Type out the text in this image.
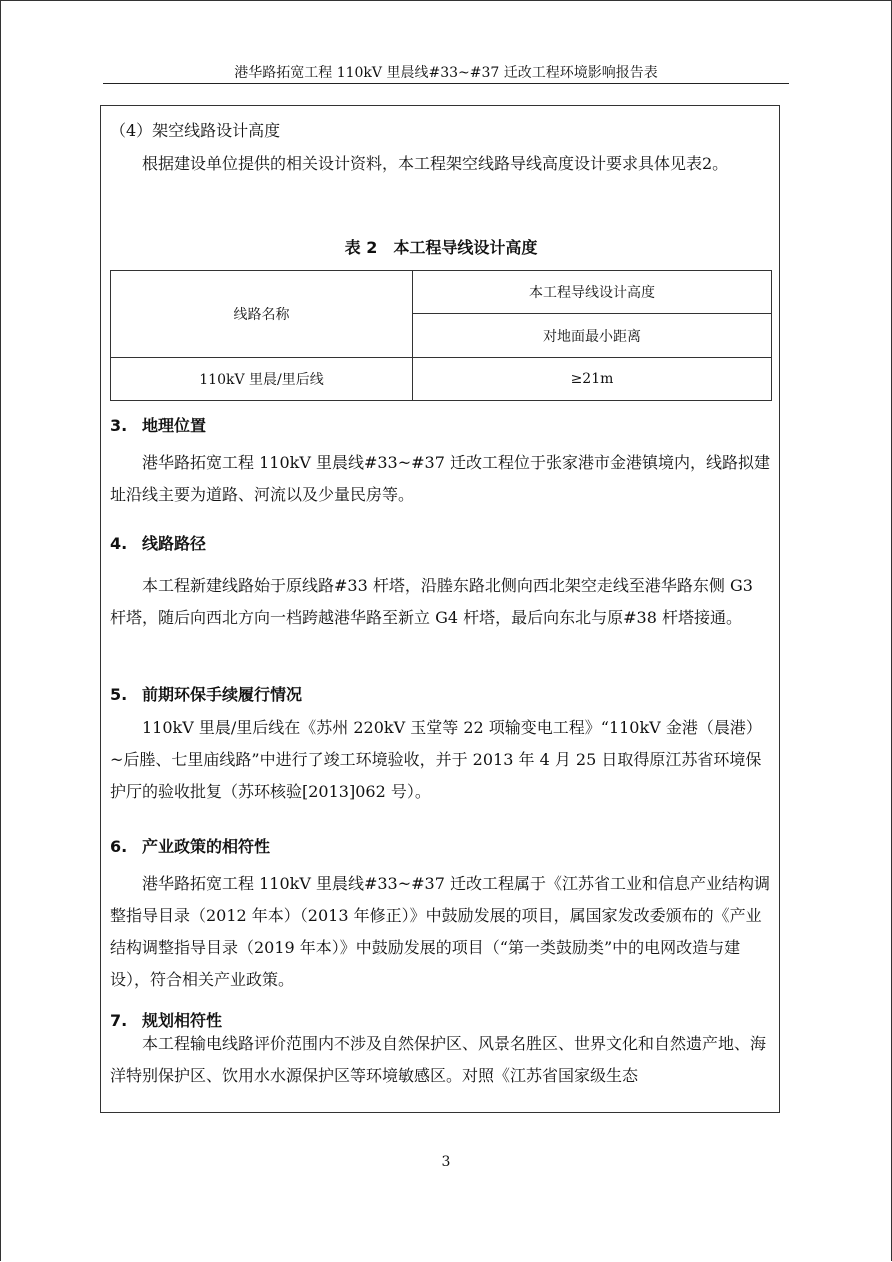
港华路拓宽工程 110kV 里晨线#33~#37 迁改工程环境影响报告表
（4）架空线路设计高度
根据建设单位提供的相关设计资料，本工程架空线路导线高度设计要求具体见表2。
表 2　本工程导线设计高度
线路名称	本工程导线设计高度
	对地面最小距离
110kV 里晨/里后线	≥21m
3. 地理位置
港华路拓宽工程 110kV 里晨线#33~#37 迁改工程位于张家港市金港镇境内，线路拟建址沿线主要为道路、河流以及少量民房等。
4. 线路路径
本工程新建线路始于原线路#33 杆塔，沿塍东路北侧向西北架空走线至港华路东侧 G3 杆塔，随后向西北方向一档跨越港华路至新立 G4 杆塔，最后向东北与原#38 杆塔接通。
5. 前期环保手续履行情况
110kV 里晨/里后线在《苏州 220kV 玉堂等 22 项输变电工程》“110kV 金港（晨港）~后塍、七里庙线路”中进行了竣工环境验收，并于 2013 年 4 月 25 日取得原江苏省环境保护厅的验收批复（苏环核验[2013]062 号）。
6. 产业政策的相符性
港华路拓宽工程 110kV 里晨线#33~#37 迁改工程属于《江苏省工业和信息产业结构调整指导目录（2012 年本）（2013 年修正）》中鼓励发展的项目，属国家发改委颁布的《产业结构调整指导目录（2019 年本）》中鼓励发展的项目（“第一类鼓励类”中的电网改造与建设），符合相关产业政策。
7. 规划相符性
本工程输电线路评价范围内不涉及自然保护区、风景名胜区、世界文化和自然遗产地、海洋特别保护区、饮用水水源保护区等环境敏感区。对照《江苏省国家级生态
3
